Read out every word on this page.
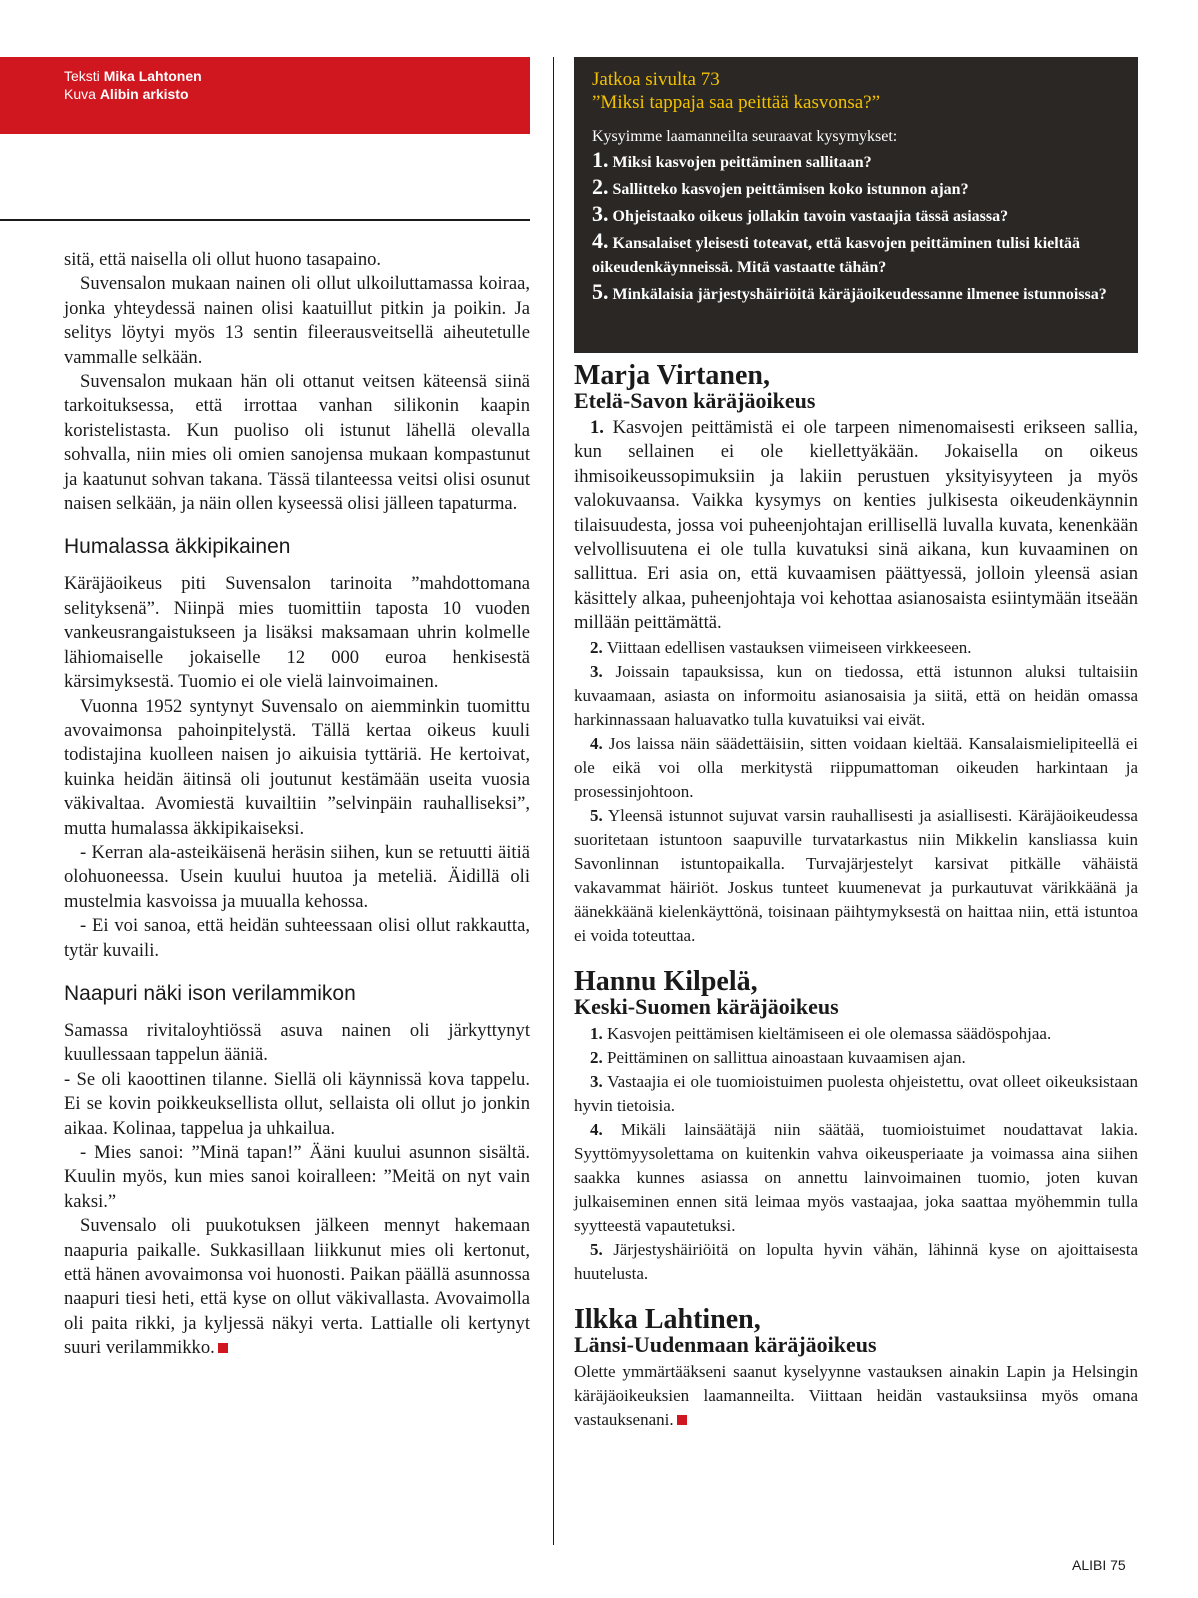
Teksti Mika Lahtonen
Kuva Alibin arkisto

sitä, että naisella oli ollut huono tasapaino.

Suvensalon mukaan nainen oli ollut ulkoiluttamassa koiraa, jonka yhteydessä nainen olisi kaatuillut pitkin ja poikin. Ja selitys löytyi myös 13 sentin fileerausveitsellä aiheutetulle vammalle selkään.

Suvensalon mukaan hän oli ottanut veitsen käteensä siinä tarkoituksessa, että irrottaa vanhan silikonin kaapin koristelistasta. Kun puoliso oli istunut lähellä olevalla sohvalla, niin mies oli omien sanojensa mukaan kompastunut ja kaatunut sohvan takana. Tässä tilanteessa veitsi olisi osunut naisen selkään, ja näin ollen kyseessä olisi jälleen tapaturma.

Humalassa äkkipikainen

Käräjäoikeus piti Suvensalon tarinoita ”mahdottomana selityksenä”. Niinpä mies tuomittiin taposta 10 vuoden vankeusrangaistukseen ja lisäksi maksamaan uhrin kolmelle lähiomaiselle jokaiselle 12 000 euroa henkisestä kärsimyksestä. Tuomio ei ole vielä lainvoimainen.

Vuonna 1952 syntynyt Suvensalo on aiemminkin tuomittu avovaimonsa pahoinpitelystä. Tällä kertaa oikeus kuuli todistajina kuolleen naisen jo aikuisia tyttäriä. He kertoivat, kuinka heidän äitinsä oli joutunut kestämään useita vuosia väkivaltaa. Avomiestä kuvailtiin ”selvinpäin rauhalliseksi”, mutta humalassa äkkipikaiseksi.

- Kerran ala-asteikäisenä heräsin siihen, kun se retuutti äitiä olohuoneessa. Usein kuului huutoa ja meteliä. Äidillä oli mustelmia kasvoissa ja muualla kehossa.

- Ei voi sanoa, että heidän suhteessaan olisi ollut rakkautta, tytär kuvaili.

Naapuri näki ison verilammikon

Samassa rivitaloyhtiössä asuva nainen oli järkyttynyt kuullessaan tappelun ääniä.

- Se oli kaoottinen tilanne. Siellä oli käynnissä kova tappelu. Ei se kovin poikkeuksellista ollut, sellaista oli ollut jo jonkin aikaa. Kolinaa, tappelua ja uhkailua.

- Mies sanoi: ”Minä tapan!” Ääni kuului asunnon sisältä. Kuulin myös, kun mies sanoi koiralleen: ”Meitä on nyt vain kaksi.”

Suvensalo oli puukotuksen jälkeen mennyt hakemaan naapuria paikalle. Sukkasillaan liikkunut mies oli kertonut, että hänen avovaimonsa voi huonosti. Paikan päällä asunnossa naapuri tiesi heti, että kyse on ollut väkivallasta. Avovaimolla oli paita rikki, ja kyljessä näkyi verta. Lattialle oli kertynyt suuri verilammikko.

Jatkoa sivulta 73
”Miksi tappaja saa peittää kasvonsa?”
Kysyimme laamanneilta seuraavat kysymykset:
1. Miksi kasvojen peittäminen sallitaan?
2. Sallitteko kasvojen peittämisen koko istunnon ajan?
3. Ohjeistaako oikeus jollakin tavoin vastaajia tässä asiassa?
4. Kansalaiset yleisesti toteavat, että kasvojen peittäminen tulisi kieltää oikeudenkäynneissä. Mitä vastaatte tähän?
5. Minkälaisia järjestyshäiriöitä käräjäoikeudessanne ilmenee istunnoissa?
Marja Virtanen,
Etelä-Savon käräjäoikeus

1. Kasvojen peittämistä ei ole tarpeen nimenomaisesti erikseen sallia, kun sellainen ei ole kiellettyäkään. Jokaisella on oikeus ihmisoikeussopimuksiin ja lakiin perustuen yksityisyyteen ja myös valokuvaansa. Vaikka kysymys on kenties julkisesta oikeudenkäynnin tilaisuudesta, jossa voi puheenjohtajan erillisellä luvalla kuvata, kenenkään velvollisuutena ei ole tulla kuvatuksi sinä aikana, kun kuvaaminen on sallittua. Eri asia on, että kuvaamisen päättyessä, jolloin yleensä asian käsittely alkaa, puheenjohtaja voi kehottaa asianosaista esiintymään itseään millään peittämättä.

2. Viittaan edellisen vastauksen viimeiseen virkkeeseen.

3. Joissain tapauksissa, kun on tiedossa, että istunnon aluksi tultaisiin kuvaamaan, asiasta on informoitu asianosaisia ja siitä, että on heidän omassa harkinnassaan haluavatko tulla kuvatuiksi vai eivät.

4. Jos laissa näin säädettäisiin, sitten voidaan kieltää. Kansalaismielipiteellä ei ole eikä voi olla merkitystä riippumattoman oikeuden harkintaan ja prosessinjohtoon.

5. Yleensä istunnot sujuvat varsin rauhallisesti ja asiallisesti. Käräjäoikeudessa suoritetaan istuntoon saapuville turvatarkastus niin Mikkelin kansliassa kuin Savonlinnan istuntopaikalla. Turvajärjestelyt karsivat pitkälle vähäistä vakavammat häiriöt. Joskus tunteet kuumenevat ja purkautuvat värikkäänä ja äänekkäänä kielenkäyttönä, toisinaan päihtymyksestä on haittaa niin, että istuntoa ei voida toteuttaa.

Hannu Kilpelä,
Keski-Suomen käräjäoikeus

1. Kasvojen peittämisen kieltämiseen ei ole olemassa säädöspohjaa.

2. Peittäminen on sallittua ainoastaan kuvaamisen ajan.

3. Vastaajia ei ole tuomioistuimen puolesta ohjeistettu, ovat olleet oikeuksistaan hyvin tietoisia.

4. Mikäli lainsäätäjä niin säätää, tuomioistuimet noudattavat lakia. Syyttömyysolettama on kuitenkin vahva oikeusperiaate ja voimassa aina siihen saakka kunnes asiassa on annettu lainvoimainen tuomio, joten kuvan julkaiseminen ennen sitä leimaa myös vastaajaa, joka saattaa myöhemmin tulla syytteestä vapautetuksi.

5. Järjestyshäiriöitä on lopulta hyvin vähän, lähinnä kyse on ajoittaisesta huutelusta.

Ilkka Lahtinen,
Länsi-Uudenmaan käräjäoikeus

Olette ymmärtääkseni saanut kyselyynne vastauksen ainakin Lapin ja Helsingin käräjäoikeuksien laamanneilta. Viittaan heidän vastauksiinsa myös omana vastauksenani.

ALIBI 75
